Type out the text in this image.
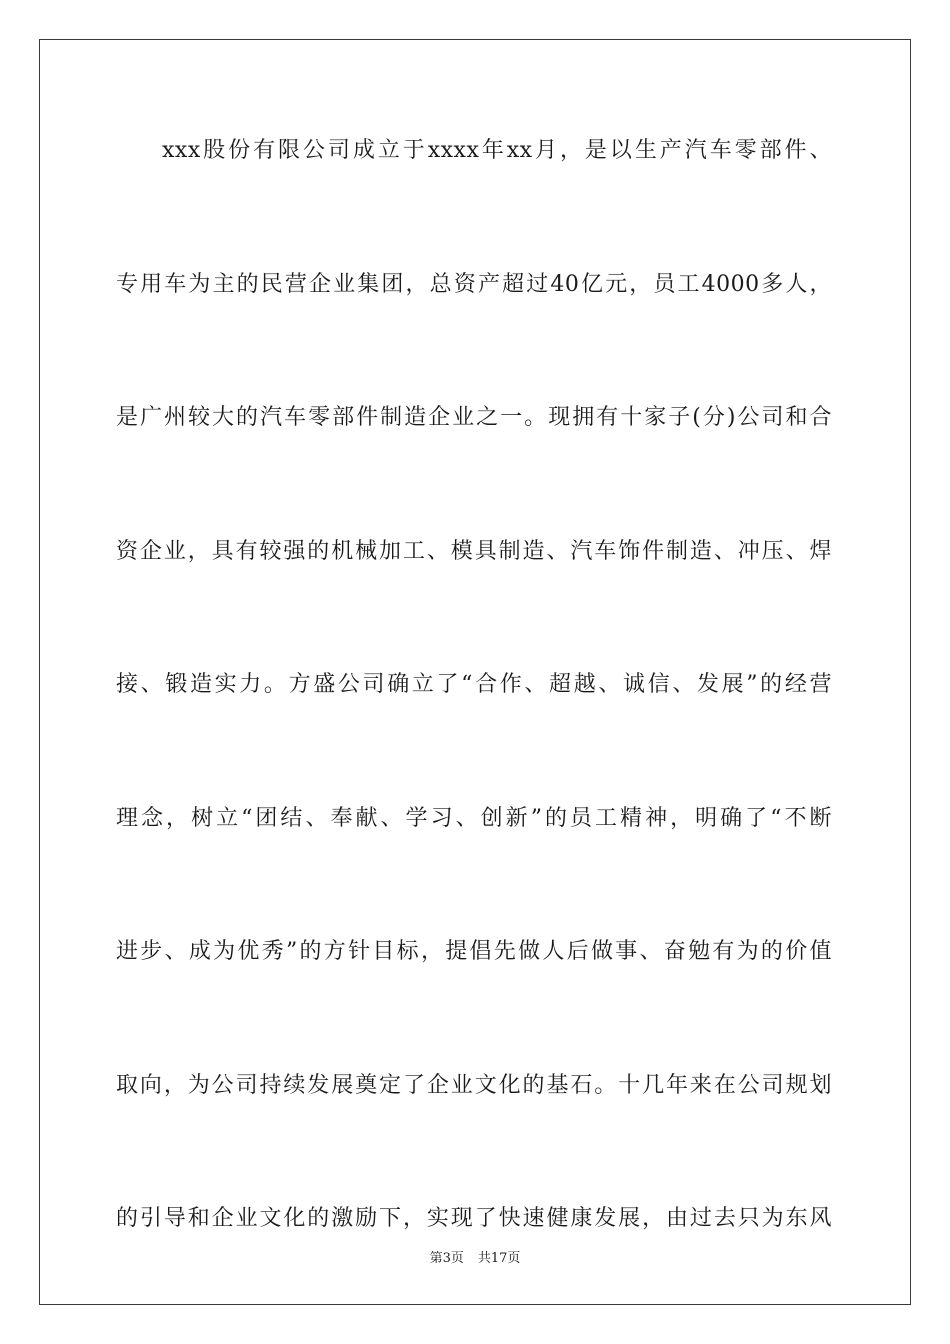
xxx股份有限公司成立于xxxx年xx月，是以生产汽车零部件、
专用车为主的民营企业集团，总资产超过40亿元，员工4000多人，
是广州较大的汽车零部件制造企业之一。现拥有十家子(分)公司和合
资企业，具有较强的机械加工、模具制造、汽车饰件制造、冲压、焊
接、锻造实力。方盛公司确立了“合作、超越、诚信、发展”的经营
理念，树立“团结、奉献、学习、创新”的员工精神，明确了“不断
进步、成为优秀”的方针目标，提倡先做人后做事、奋勉有为的价值
取向，为公司持续发展奠定了企业文化的基石。十几年来在公司规划
的引导和企业文化的激励下，实现了快速健康发展，由过去只为东风
第3页 共17页
